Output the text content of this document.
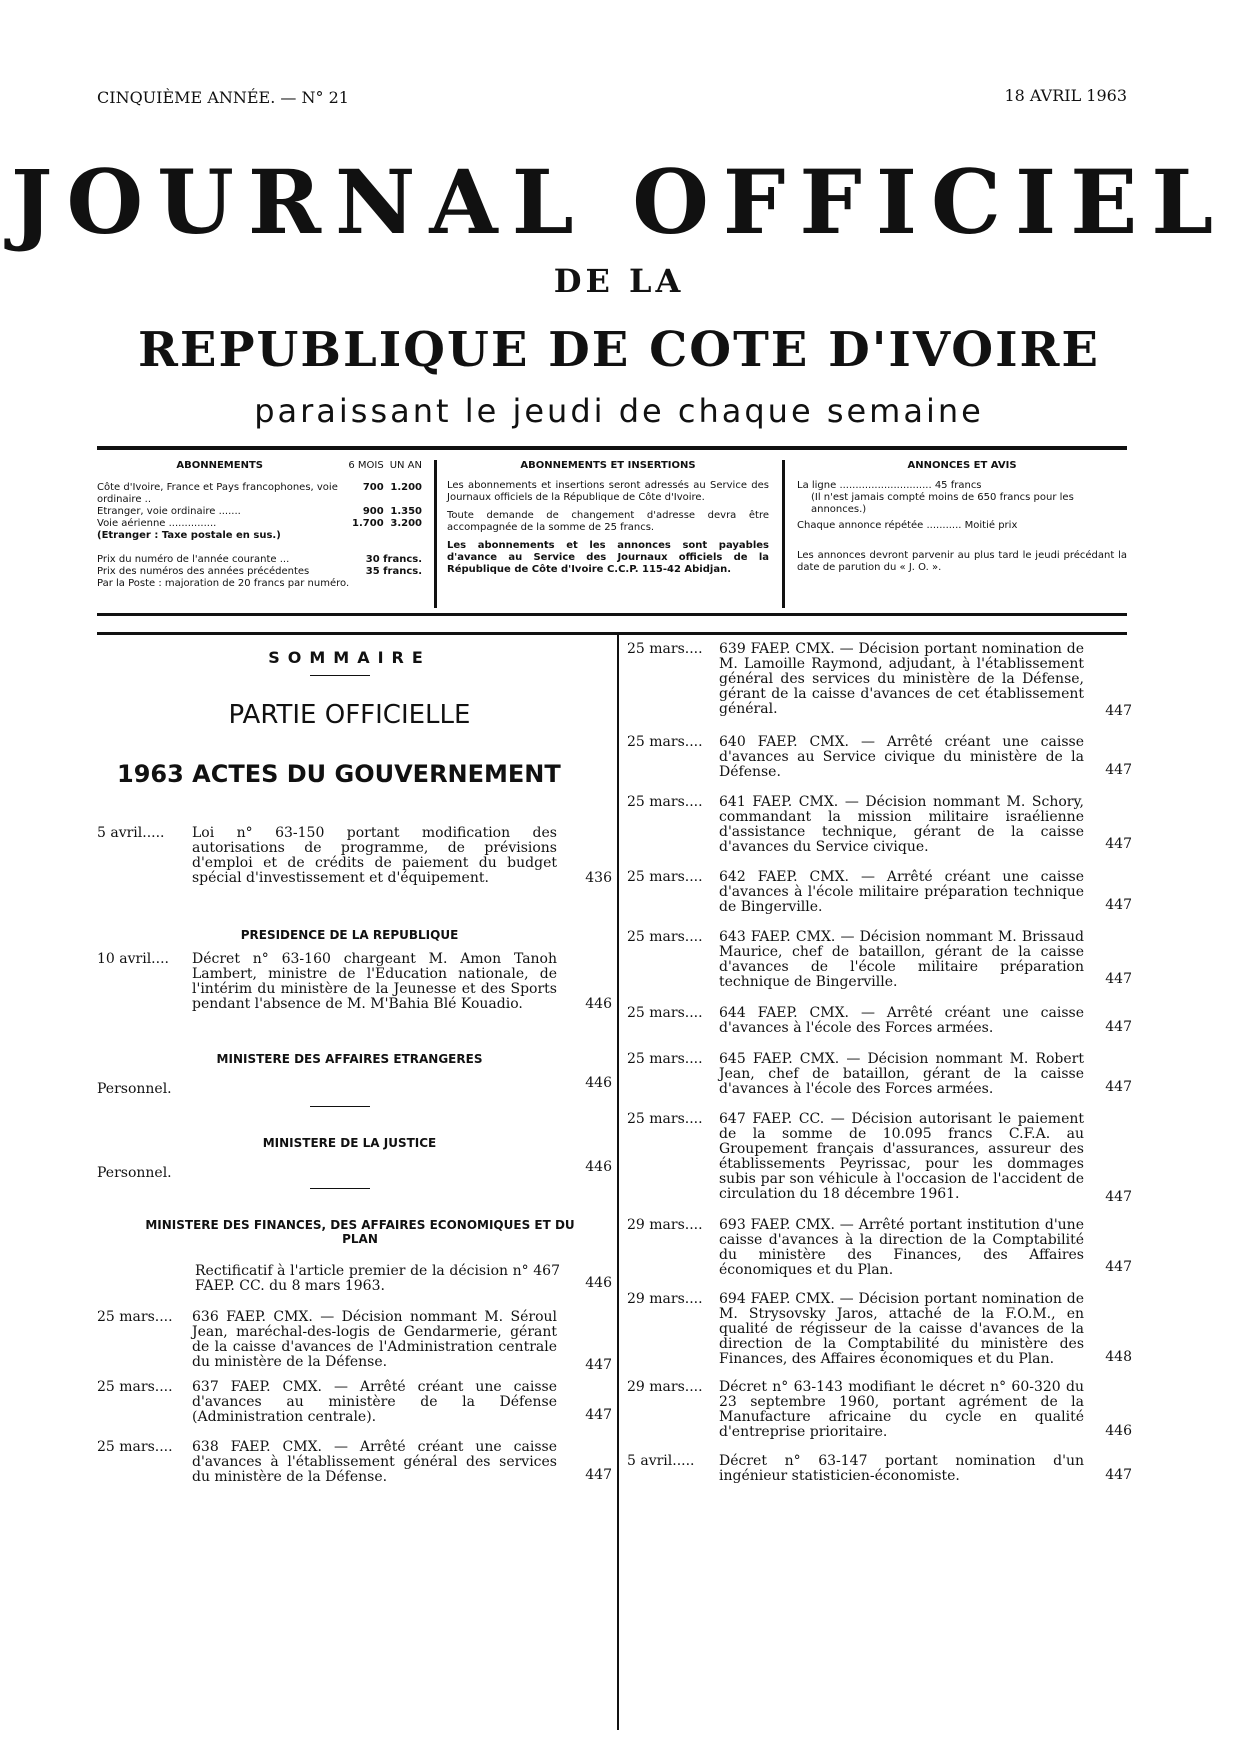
CINQUIÈME ANNÉE. — N° 21	18 AVRIL 1963
JOURNAL OFFICIEL
DE LA
REPUBLIQUE DE COTE D'IVOIRE
paraissant le jeudi de chaque semaine
ABONNEMENTS	6 MOIS	UN AN
Côte d'Ivoire, France et Pays francophones, voie ordinaire ..	700	1.200
Etranger, voie ordinaire .......	900	1.350
Voie aérienne ...............	1.700	3.200
(Etranger : Taxe postale en sus.)		

Prix du numéro de l'année courante ...	30 francs.	
Prix des numéros des années précédentes	35 francs.	
Par la Poste : majoration de 20 francs par numéro.		
ABONNEMENTS ET INSERTIONS

Les abonnements et insertions seront adressés au Service des Journaux officiels de la République de Côte d'Ivoire.

Toute demande de changement d'adresse devra être accompagnée de la somme de 25 francs.

Les abonnements et les annonces sont payables d'avance au Service des Journaux officiels de la République de Côte d'Ivoire C.C.P. 115-42 Abidjan.

ANNONCES ET AVIS
La ligne ............................. 45 francs
(Il n'est jamais compté moins de 650 francs pour les annonces.)
Chaque annonce répétée ........... Moitié prix
Les annonces devront parvenir au plus tard le jeudi précédant la date de parution du « J. O. ».
SOMMAIRE
PARTIE OFFICIELLE
1963 ACTES DU GOUVERNEMENT
5 avril..... Loi n° 63-150 portant modification des autorisations de programme, de prévisions d'emploi et de crédits de paiement du budget spécial d'investissement et d'équipement.	436
PRESIDENCE DE LA REPUBLIQUE
10 avril.... Décret n° 63-160 chargeant M. Amon Tanoh Lambert, ministre de l'Education nationale, de l'intérim du ministère de la Jeunesse et des Sports pendant l'absence de M. M'Bahia Blé Kouadio.	446
MINISTERE DES AFFAIRES ETRANGERES
Personnel.	446
MINISTERE DE LA JUSTICE
Personnel.	446
MINISTERE DES FINANCES, DES AFFAIRES ECONOMIQUES ET DU PLAN
Rectificatif à l'article premier de la décision n° 467 FAEP. CC. du 8 mars 1963.	446
25 mars.... 636 FAEP. CMX. — Décision nommant M. Séroul Jean, maréchal-des-logis de Gendarmerie, gérant de la caisse d'avances de l'Administration centrale du ministère de la Défense.	447
25 mars.... 637 FAEP. CMX. — Arrêté créant une caisse d'avances au ministère de la Défense (Administration centrale).	447
25 mars.... 638 FAEP. CMX. — Arrêté créant une caisse d'avances à l'établissement général des services du ministère de la Défense.	447
25 mars.... 639 FAEP. CMX. — Décision portant nomination de M. Lamoille Raymond, adjudant, à l'établissement général des services du ministère de la Défense, gérant de la caisse d'avances de cet établissement général.	447
25 mars.... 640 FAEP. CMX. — Arrêté créant une caisse d'avances au Service civique du ministère de la Défense.	447
25 mars.... 641 FAEP. CMX. — Décision nommant M. Schory, commandant la mission militaire israélienne d'assistance technique, gérant de la caisse d'avances du Service civique.	447
25 mars.... 642 FAEP. CMX. — Arrêté créant une caisse d'avances à l'école militaire préparation technique de Bingerville.	447
25 mars.... 643 FAEP. CMX. — Décision nommant M. Brissaud Maurice, chef de bataillon, gérant de la caisse d'avances de l'école militaire préparation technique de Bingerville.	447
25 mars.... 644 FAEP. CMX. — Arrêté créant une caisse d'avances à l'école des Forces armées.	447
25 mars.... 645 FAEP. CMX. — Décision nommant M. Robert Jean, chef de bataillon, gérant de la caisse d'avances à l'école des Forces armées.	447
25 mars.... 647 FAEP. CC. — Décision autorisant le paiement de la somme de 10.095 francs C.F.A. au Groupement français d'assurances, assureur des établissements Peyrissac, pour les dommages subis par son véhicule à l'occasion de l'accident de circulation du 18 décembre 1961.	447
29 mars.... 693 FAEP. CMX. — Arrêté portant institution d'une caisse d'avances à la direction de la Comptabilité du ministère des Finances, des Affaires économiques et du Plan.	447
29 mars.... 694 FAEP. CMX. — Décision portant nomination de M. Strysovsky Jaros, attaché de la F.O.M., en qualité de régisseur de la caisse d'avances de la direction de la Comptabilité du ministère des Finances, des Affaires économiques et du Plan.	448
29 mars.... Décret n° 63-143 modifiant le décret n° 60-320 du 23 septembre 1960, portant agrément de la Manufacture africaine du cycle en qualité d'entreprise prioritaire.	446
5 avril..... Décret n° 63-147 portant nomination d'un ingénieur statisticien-économiste.	447
